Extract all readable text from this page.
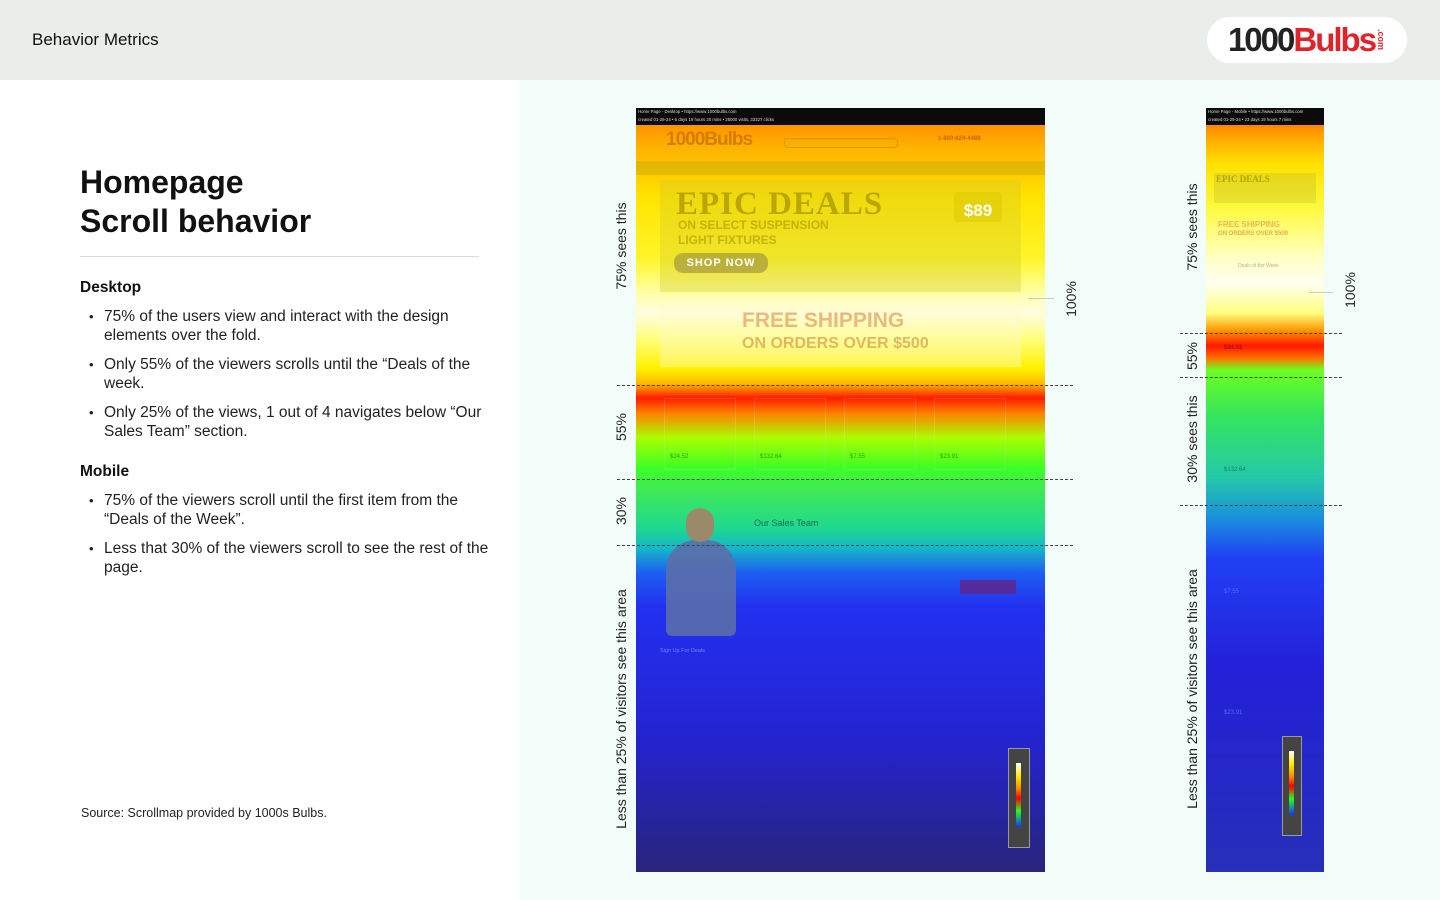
Behavior Metrics	1000 Bulbs .com
Homepage
Scroll behavior
Desktop
• 75% of the users view and interact with the design elements over the fold.
• Only 55% of the viewers scrolls until the “Deals of the week.
• Only 25% of the views, 1 out of 4 navigates below “Our Sales Team” section.
Mobile
• 75% of the viewers scroll until the first item from the “Deals of the Week”.
• Less that 30% of the viewers scroll to see the rest of the page.
Source: Scrollmap provided by 1000s Bulbs.
Home Page - Desktop • https://www.1000bulbs.com
created 01-29-24 • 6 days 19 hours 20 mins • 25000 visits, 33327 clicks
1000Bulbs	1-800-624-4488
EPIC DEALS
ON SELECT SUSPENSION
LIGHT FIXTURES
$89
SHOP NOW
FREE SHIPPING
ON ORDERS OVER $500
$24.52	$132.64	$7.55	$23.91
Our Sales Team
Sign Up For Deals
Home Page - Mobile • https://www.1000bulbs.com
created 01-29-24 • 23 days 19 hours 7 mins
EPIC DEALS
FREE SHIPPING
ON ORDERS OVER $500
Deals of the Week
$24.52
$132.64
$7.55
$23.91
75% sees this
55%
30%
Less than 25% of visitors see this area
100%
75% sees this
55%
30% sees this
Less than 25% of visitors see this area
100%
